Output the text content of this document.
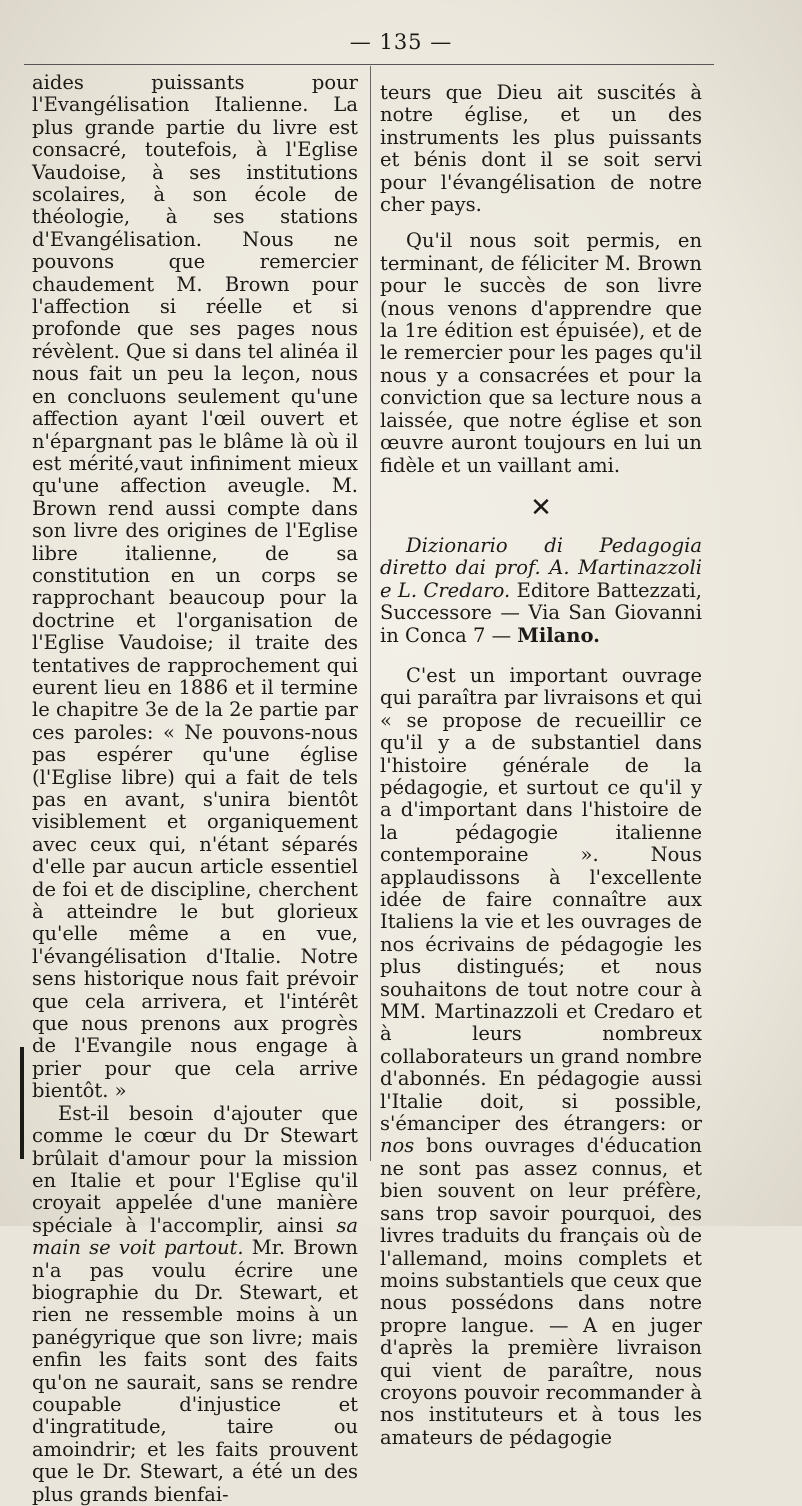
— 135 —

aides puissants pour l'Evangélisation Italienne. La plus grande partie du livre est consacré, toutefois, à l'Eglise Vaudoise, à ses institutions scolaires, à son école de théologie, à ses stations d'Evangélisation. Nous ne pouvons que remercier chaudement M. Brown pour l'affection si réelle et si profonde que ses pages nous révèlent. Que si dans tel alinéa il nous fait un peu la leçon, nous en concluons seulement qu'une affection ayant l'œil ouvert et n'épargnant pas le blâme là où il est mérité,vaut infiniment mieux qu'une affection aveugle. M. Brown rend aussi compte dans son livre des origines de l'Eglise libre italienne, de sa constitution en un corps se rapprochant beaucoup pour la doctrine et l'organisation de l'Eglise Vaudoise; il traite des tentatives de rapprochement qui eurent lieu en 1886 et il termine le chapitre 3e de la 2e partie par ces paroles: « Ne pouvons-nous pas espérer qu'une église (l'Eglise libre) qui a fait de tels pas en avant, s'unira bientôt visiblement et organiquement avec ceux qui, n'étant séparés d'elle par aucun article essentiel de foi et de discipline, cherchent à atteindre le but glorieux qu'elle même a en vue, l'évangélisation d'Italie. Notre sens historique nous fait prévoir que cela arrivera, et l'intérêt que nous prenons aux progrès de l'Evangile nous engage à prier pour que cela arrive bientôt. »

Est-il besoin d'ajouter que comme le cœur du Dr Stewart brûlait d'amour pour la mission en Italie et pour l'Eglise qu'il croyait appelée d'une manière spéciale à l'accomplir, ainsi sa main se voit partout. Mr. Brown n'a pas voulu écrire une biographie du Dr. Stewart, et rien ne ressemble moins à un panégyrique que son livre; mais enfin les faits sont des faits qu'on ne saurait, sans se rendre coupable d'injustice et d'ingratitude, taire ou amoindrir; et les faits prouvent que le Dr. Stewart, a été un des plus grands bienfai-

teurs que Dieu ait suscités à notre église, et un des instruments les plus puissants et bénis dont il se soit servi pour l'évangélisation de notre cher pays.

Qu'il nous soit permis, en terminant, de féliciter M. Brown pour le succès de son livre (nous venons d'apprendre que la 1re édition est épuisée), et de le remercier pour les pages qu'il nous y a consacrées et pour la conviction que sa lecture nous a laissée, que notre église et son œuvre auront toujours en lui un fidèle et un vaillant ami.

✕

Dizionario di Pedagogia diretto dai prof. A. Martinazzoli e L. Credaro. Editore Battezzati, Successore — Via San Giovanni in Conca 7 — Milano.

C'est un important ouvrage qui paraîtra par livraisons et qui « se propose de recueillir ce qu'il y a de substantiel dans l'histoire générale de la pédagogie, et surtout ce qu'il y a d'important dans l'histoire de la pédagogie italienne contemporaine ». Nous applaudissons à l'excellente idée de faire connaître aux Italiens la vie et les ouvrages de nos écrivains de pédagogie les plus distingués; et nous souhaitons de tout notre cour à MM. Martinazzoli et Credaro et à leurs nombreux collaborateurs un grand nombre d'abonnés. En pédagogie aussi l'Italie doit, si possible, s'émanciper des étrangers: or nos bons ouvrages d'éducation ne sont pas assez connus, et bien souvent on leur préfère, sans trop savoir pourquoi, des livres traduits du français où de l'allemand, moins complets et moins substantiels que ceux que nous possédons dans notre propre langue. — A en juger d'après la première livraison qui vient de paraître, nous croyons pouvoir recommander à nos instituteurs et à tous les amateurs de pédagogie
